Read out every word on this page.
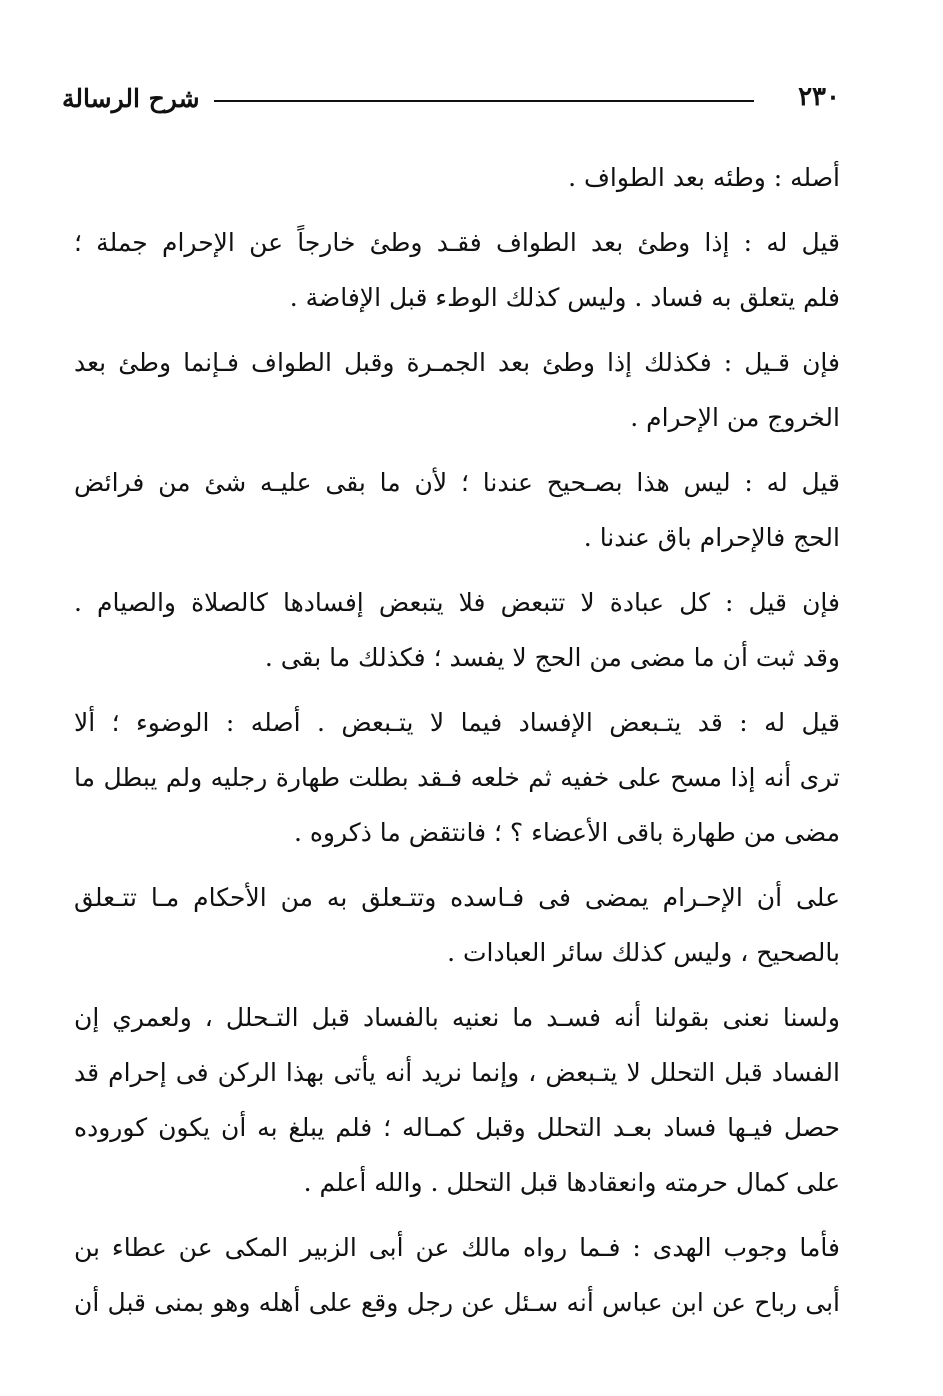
شرح الرسالة	٢٣٠
أصله : وطئه بعد الطواف .
قيل له : إذا وطئ بعد الطواف فقـد وطئ خارجاً عن الإحرام جملة ؛
فلم يتعلق به فساد . وليس كذلك الوطء قبل الإفاضة .
فإن قـيل : فكذلك إذا وطئ بعد الجمـرة وقبل الطواف فـإنما وطئ بعد
الخروج من الإحرام .
قيل له : ليس هذا بصـحيح عندنا ؛ لأن ما بقى عليـه شئ من فرائض
الحج فالإحرام باق عندنا .
فإن قيل : كل عبادة لا تتبعض فلا يتبعض إفسادها كالصلاة والصيام .
وقد ثبت أن ما مضى من الحج لا يفسد ؛ فكذلك ما بقى .
قيل له : قد يتـبعض الإفساد فيما لا يتـبعض . أصله : الوضوء ؛ ألا
ترى أنه إذا مسح على خفيه ثم خلعه فـقد بطلت طهارة رجليه ولم يبطل ما
مضى من طهارة باقى الأعضاء ؟ ؛ فانتقض ما ذكروه .
على أن الإحـرام يمضى فى فـاسده وتتـعلق به من الأحكام مـا تتـعلق
بالصحيح ، وليس كذلك سائر العبادات .
ولسنا نعنى بقولنا أنه فسـد ما نعنيه بالفساد قبل التـحلل ، ولعمري إن
الفساد قبل التحلل لا يتـبعض ، وإنما نريد أنه يأتى بهذا الركن فى إحرام قد
حصل فيـها فساد بعـد التحلل وقبل كمـاله ؛ فلم يبلغ به أن يكون كوروده
على كمال حرمته وانعقادها قبل التحلل . والله أعلم .
فأما وجوب الهدى : فـما رواه مالك عن أبى الزبير المكى عن عطاء بن
أبى رباح عن ابن عباس أنه سـئل عن رجل وقع على أهله وهو بمنى قبل أن
